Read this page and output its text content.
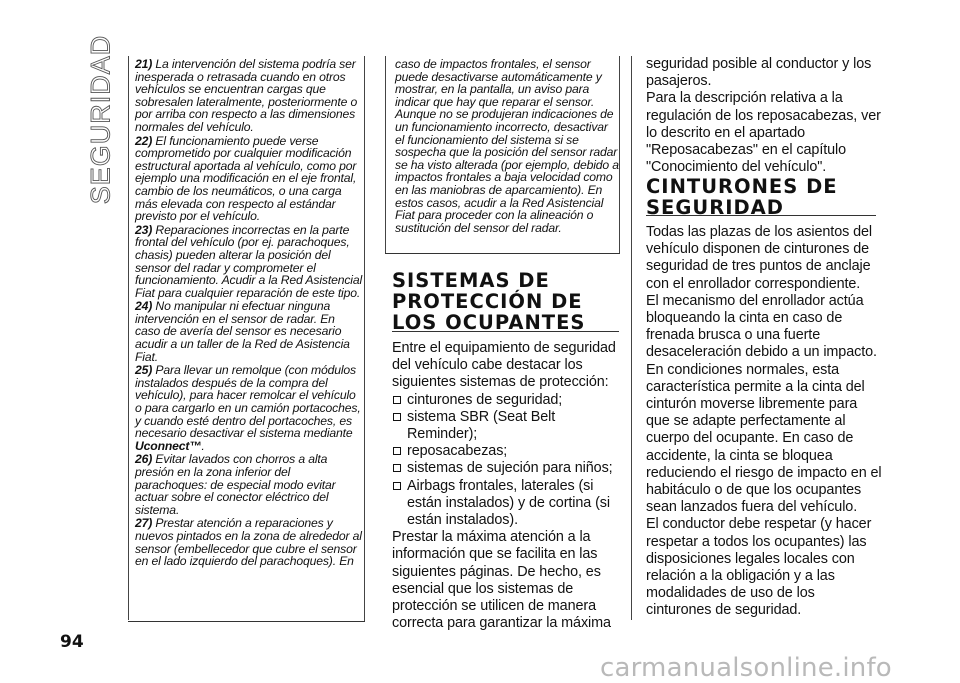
SEGURIDAD 21) La intervención del sistema podría ser inesperada o retrasada cuando en otros vehículos se encuentran cargas que sobresalen lateralmente, posteriormente o por arriba con respecto a las dimensiones normales del vehículo.

22) El funcionamiento puede verse comprometido por cualquier modificación estructural aportada al vehículo, como por ejemplo una modificación en el eje frontal, cambio de los neumáticos, o una carga más elevada con respecto al estándar previsto por el vehículo.

23) Reparaciones incorrectas en la parte frontal del vehículo (por ej. parachoques, chasis) pueden alterar la posición del sensor del radar y comprometer el funcionamiento. Acudir a la Red Asistencial Fiat para cualquier reparación de este tipo.

24) No manipular ni efectuar ninguna intervención en el sensor de radar. En caso de avería del sensor es necesario acudir a un taller de la Red de Asistencia Fiat.

25) Para llevar un remolque (con módulos instalados después de la compra del vehículo), para hacer remolcar el vehículo o para cargarlo en un camión portacoches, y cuando esté dentro del portacoches, es necesario desactivar el sistema mediante Uconnect™.

26) Evitar lavados con chorros a alta presión en la zona inferior del parachoques: de especial modo evitar actuar sobre el conector eléctrico del sistema.

27) Prestar atención a reparaciones y nuevos pintados en la zona de alrededor al sensor (embellecedor que cubre el sensor en el lado izquierdo del parachoques). En

caso de impactos frontales, el sensor puede desactivarse automáticamente y mostrar, en la pantalla, un aviso para indicar que hay que reparar el sensor. Aunque no se produjeran indicaciones de un funcionamiento incorrecto, desactivar el funcionamiento del sistema si se sospecha que la posición del sensor radar se ha visto alterada (por ejemplo, debido a impactos frontales a baja velocidad como en las maniobras de aparcamiento). En estos casos, acudir a la Red Asistencial Fiat para proceder con la alineación o sustitución del sensor del radar.

SISTEMAS DE

PROTECCIÓN DE

LOS OCUPANTES

Entre el equipamiento de seguridad del vehículo cabe destacar los siguientes sistemas de protección:

cinturones de seguridad;
sistema SBR (Seat Belt Reminder);
reposacabezas;
sistemas de sujeción para niños;
Airbags frontales, laterales (si están instalados) y de cortina (si están instalados).

Prestar la máxima atención a la información que se facilita en las siguientes páginas. De hecho, es esencial que los sistemas de protección se utilicen de manera correcta para garantizar la máxima

seguridad posible al conductor y los pasajeros.

Para la descripción relativa a la regulación de los reposacabezas, ver lo descrito en el apartado "Reposacabezas" en el capítulo "Conocimiento del vehículo".

CINTURONES DE

SEGURIDAD

Todas las plazas de los asientos del vehículo disponen de cinturones de seguridad de tres puntos de anclaje con el enrollador correspondiente.

El mecanismo del enrollador actúa bloqueando la cinta en caso de frenada brusca o una fuerte desaceleración debido a un impacto. En condiciones normales, esta característica permite a la cinta del cinturón moverse libremente para que se adapte perfectamente al cuerpo del ocupante. En caso de accidente, la cinta se bloquea reduciendo el riesgo de impacto en el habitáculo o de que los ocupantes sean lanzados fuera del vehículo.

El conductor debe respetar (y hacer respetar a todos los ocupantes) las disposiciones legales locales con relación a la obligación y a las modalidades de uso de los cinturones de seguridad.

94
carmanualsonline.info
